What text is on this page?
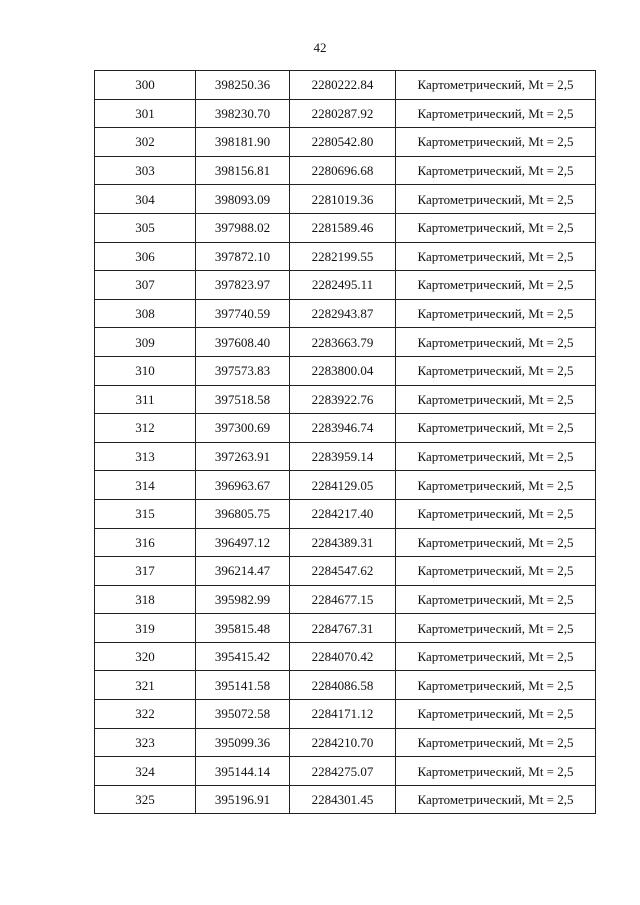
42
300	398250.36	2280222.84	Картометрический, Mt = 2,5
301	398230.70	2280287.92	Картометрический, Mt = 2,5
302	398181.90	2280542.80	Картометрический, Mt = 2,5
303	398156.81	2280696.68	Картометрический, Mt = 2,5
304	398093.09	2281019.36	Картометрический, Mt = 2,5
305	397988.02	2281589.46	Картометрический, Mt = 2,5
306	397872.10	2282199.55	Картометрический, Mt = 2,5
307	397823.97	2282495.11	Картометрический, Mt = 2,5
308	397740.59	2282943.87	Картометрический, Mt = 2,5
309	397608.40	2283663.79	Картометрический, Mt = 2,5
310	397573.83	2283800.04	Картометрический, Mt = 2,5
311	397518.58	2283922.76	Картометрический, Mt = 2,5
312	397300.69	2283946.74	Картометрический, Mt = 2,5
313	397263.91	2283959.14	Картометрический, Mt = 2,5
314	396963.67	2284129.05	Картометрический, Mt = 2,5
315	396805.75	2284217.40	Картометрический, Mt = 2,5
316	396497.12	2284389.31	Картометрический, Mt = 2,5
317	396214.47	2284547.62	Картометрический, Mt = 2,5
318	395982.99	2284677.15	Картометрический, Mt = 2,5
319	395815.48	2284767.31	Картометрический, Mt = 2,5
320	395415.42	2284070.42	Картометрический, Mt = 2,5
321	395141.58	2284086.58	Картометрический, Mt = 2,5
322	395072.58	2284171.12	Картометрический, Mt = 2,5
323	395099.36	2284210.70	Картометрический, Mt = 2,5
324	395144.14	2284275.07	Картометрический, Mt = 2,5
325	395196.91	2284301.45	Картометрический, Mt = 2,5
